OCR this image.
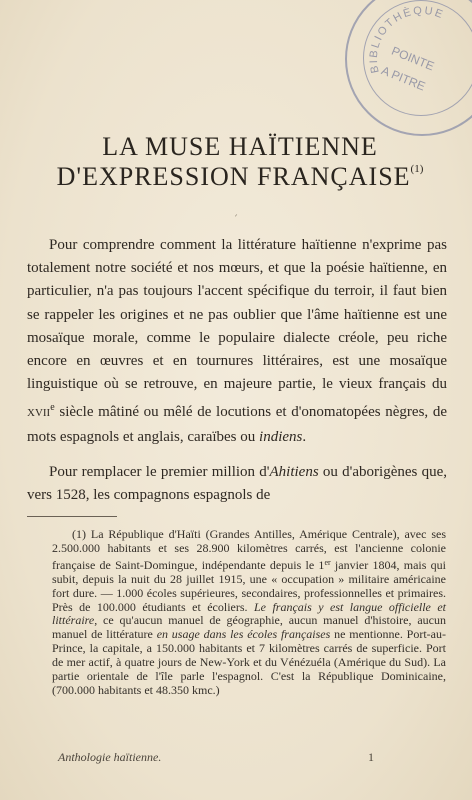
BIBLIOTHÈQUE
POINTE
A PITRE
LA MUSE HAÏTIENNE
D'EXPRESSION FRANÇAISE$^{(1)}$
´
Pour comprendre comment la littérature haïtienne n'exprime pas totalement notre société et nos mœurs, et que la poésie haïtienne, en particulier, n'a pas toujours l'accent spécifique du terroir, il faut bien se rappeler les origines et ne pas oublier que l'âme haïtienne est une mosaïque morale, comme le populaire dialecte créole, peu riche encore en œuvres et en tournures littéraires, est une mosaïque linguistique où se retrouve, en majeure partie, le vieux français du XVIIe siècle mâtiné ou mêlé de locutions et d'onomatopées nègres, de mots espagnols et anglais, caraïbes ou indiens.
Pour remplacer le premier million d'Ahitiens ou d'aborigènes que, vers 1528, les compagnons espagnols de
(1) La République d'Haïti (Grandes Antilles, Amérique Centrale), avec ses 2.500.000 habitants et ses 28.900 kilomètres carrés, est l'ancienne colonie française de Saint-Domingue, indépendante depuis le 1er janvier 1804, mais qui subit, depuis la nuit du 28 juillet 1915, une « occupation » militaire américaine fort dure. — 1.000 écoles supérieures, secondaires, professionnelles et primaires. Près de 100.000 étudiants et écoliers. Le français y est langue officielle et littéraire, ce qu'aucun manuel de géographie, aucun manuel d'histoire, aucun manuel de littérature en usage dans les écoles françaises ne mentionne. Port-au-Prince, la capitale, a 150.000 habitants et 7 kilomètres carrés de superficie. Port de mer actif, à quatre jours de New-York et du Vénézuéla (Amérique du Sud). La partie orientale de l'île parle l'espagnol. C'est la République Dominicaine, (700.000 habitants et 48.350 kmc.)
Anthologie haïtienne.	1
